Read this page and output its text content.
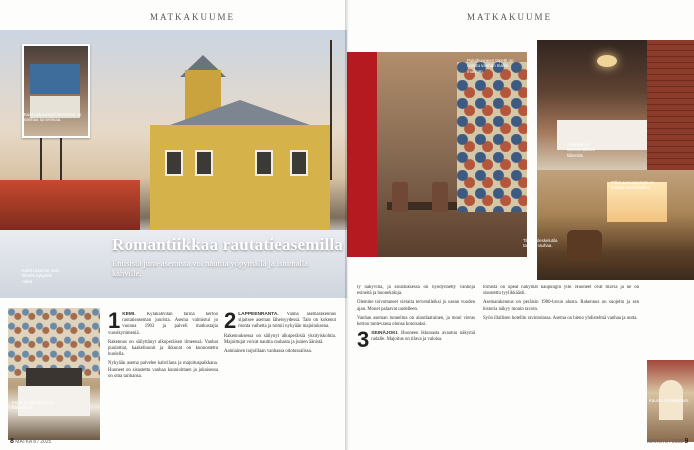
MATKAKUUME
Kunnostetuissa huoneissa on vanhaa tunnelmaa.
Kaikki asemat ovat lähellä nykyistä rataa.
Romantiikkaa rautatieasemilla
Entisistä juna-asemista voi nauttia yöpymällä ja istumalla kahville.
Peitto ja tapetti luovat tunnelmaa.

1 KEMI. Kyläkahvilan tarina kertoo rautatieaseman juurista. Asema valmistui jo vuonna 1903 ja palveli matkustajia vuosikymmeniä.

Rakennus on säilyttänyt alkuperäisen ilmeensä. Vanhat puulattiat, kaakeliuunit ja ikkunat on kunnostettu huolella.

Nykyään asema palvelee kahvilana ja majoituspaikkana. Huoneet on sisustettu vanhaa kunnioittaen ja jokaisessa on oma tarinansa.

2 LAPPEENRANTA. Vanha asemarakennus sijaitsee aseman läheisyydessä. Talo on kokenut monta vaihetta ja toimii nykyään majoituksena.

Rakennuksessa on säilynyt alkuperäisiä yksityiskohtia. Majoittujat voivat nauttia rauhasta ja junien äänistä.

Aamiainen tarjoillaan vanhassa odotussalissa.

8 MATKA 8 / 2025
MATKAKUUME
Pukuhuoneen tapetti on uusittu vanhan mallin mukaan.
Sviitissä on tunnelmallinen tiiliseinä.
Pitkä aamiaispöytä on katettu asemasaliin.
Tilava oleskelutila tarjoaa rauhaa.

ty näkyvillä, ja sisustuksessa on hyödynnetty vanhoja esineitä ja huonekaluja.

Olemme toivottaneet vieraita tervetulleiksi jo usean vuoden ajan. Monet palaavat uudelleen.

Vanhan aseman tunnelma on ainutlaatuinen, ja moni vieras kertoo tuntevansa olonsa kotoisaksi.

3 SEINÄJOKI. Huoneen ikkunasta avautuu näkymä radalle. Majoitus on tilava ja valoisa.

tornista on upeat näkymät kaupungin ylle. Huoneet ovat tilavia ja ne on sisustettu tyylikkäästi.

Asemarakennus on peräisin 1900-luvun alusta. Rakennus on suojeltu ja sen historia näkyy monin tavoin.

Syön illallisen hotellin ravintolassa. Asema on hieno yhdistelmä vanhaa ja uutta.

Kaunis holvikäytävä.
MATKA 8 / 2025 9
